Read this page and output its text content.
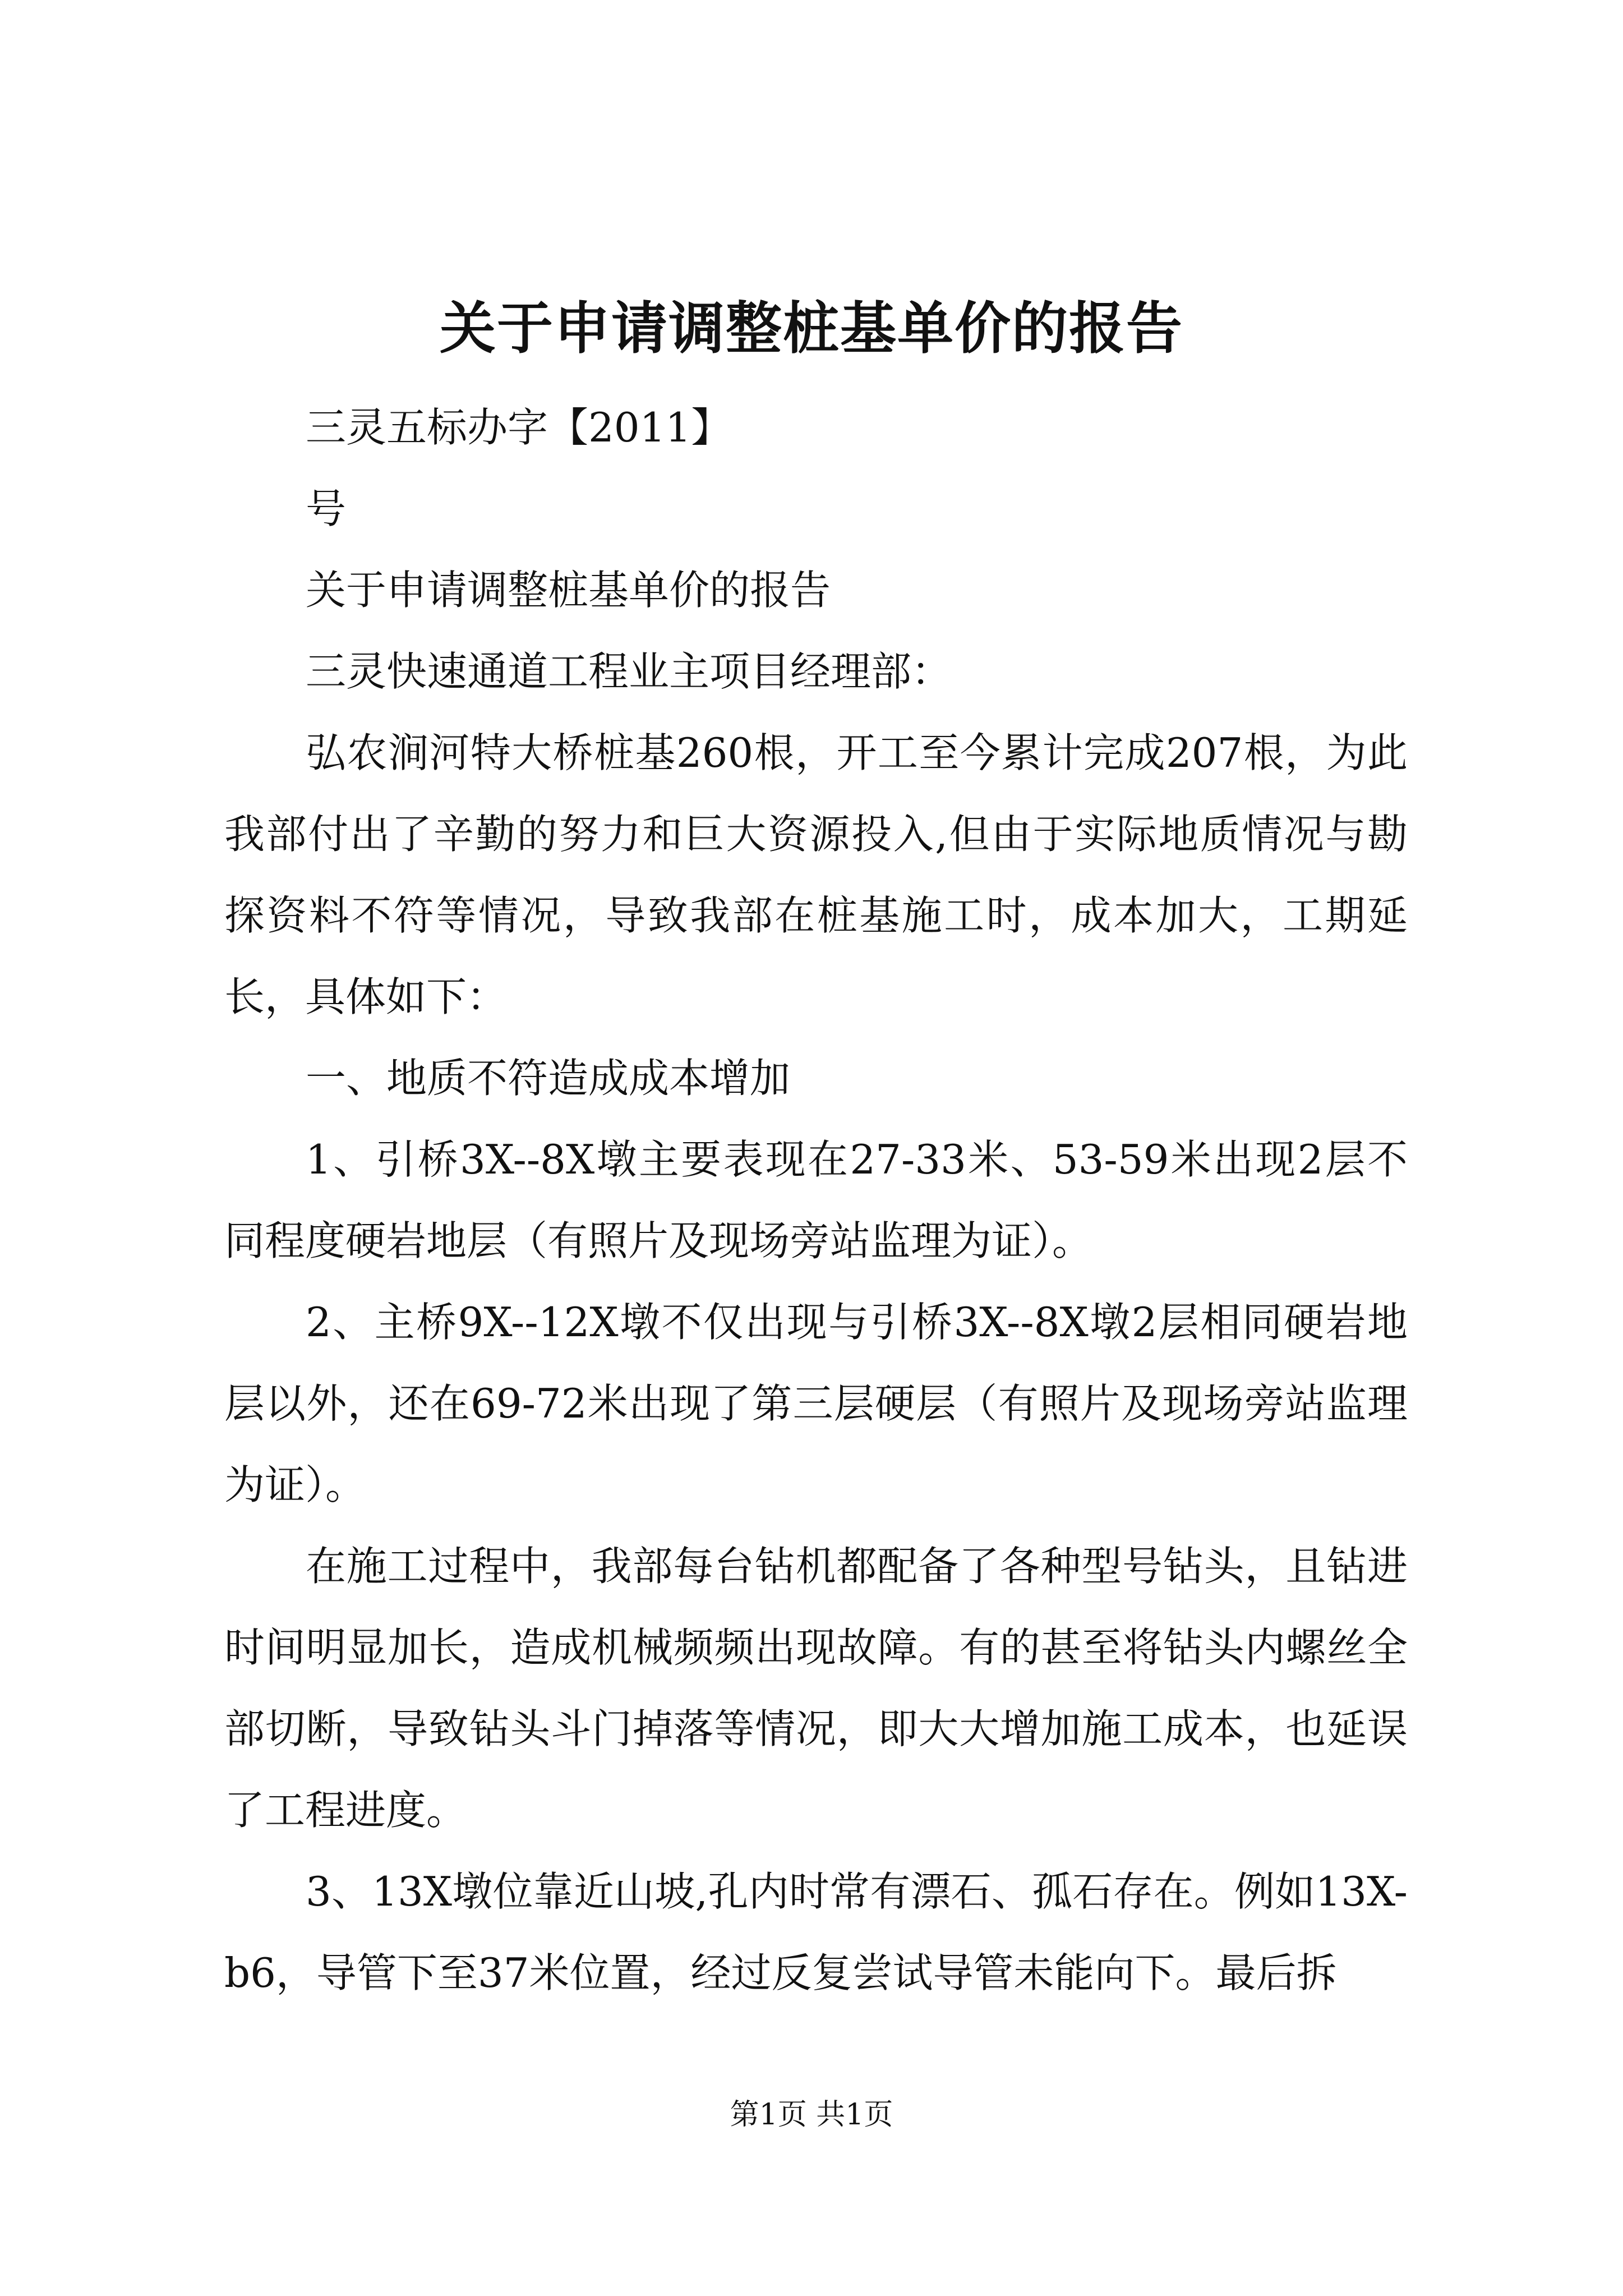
关于申请调整桩基单价的报告

三灵五标办字【2011】

号

关于申请调整桩基单价的报告

三灵快速通道工程业主项目经理部：

弘农涧河特大桥桩基260根，开工至今累计完成207根，为此我部付出了辛勤的努力和巨大资源投入,但由于实际地质情况与勘探资料不符等情况，导致我部在桩基施工时，成本加大，工期延长，具体如下：

一、地质不符造成成本增加

1、引桥3X--8X墩主要表现在27-33米、53-59米出现2层不同程度硬岩地层（有照片及现场旁站监理为证）。

2、主桥9X--12X墩不仅出现与引桥3X--8X墩2层相同硬岩地层以外，还在69-72米出现了第三层硬层（有照片及现场旁站监理为证）。

在施工过程中，我部每台钻机都配备了各种型号钻头，且钻进时间明显加长，造成机械频频出现故障。有的甚至将钻头内螺丝全部切断，导致钻头斗门掉落等情况，即大大增加施工成本，也延误了工程进度。

3、13X墩位靠近山坡,孔内时常有漂石、孤石存在。例如13X-b6，导管下至37米位置，经过反复尝试导管未能向下。最后拆

第1页 共1页
